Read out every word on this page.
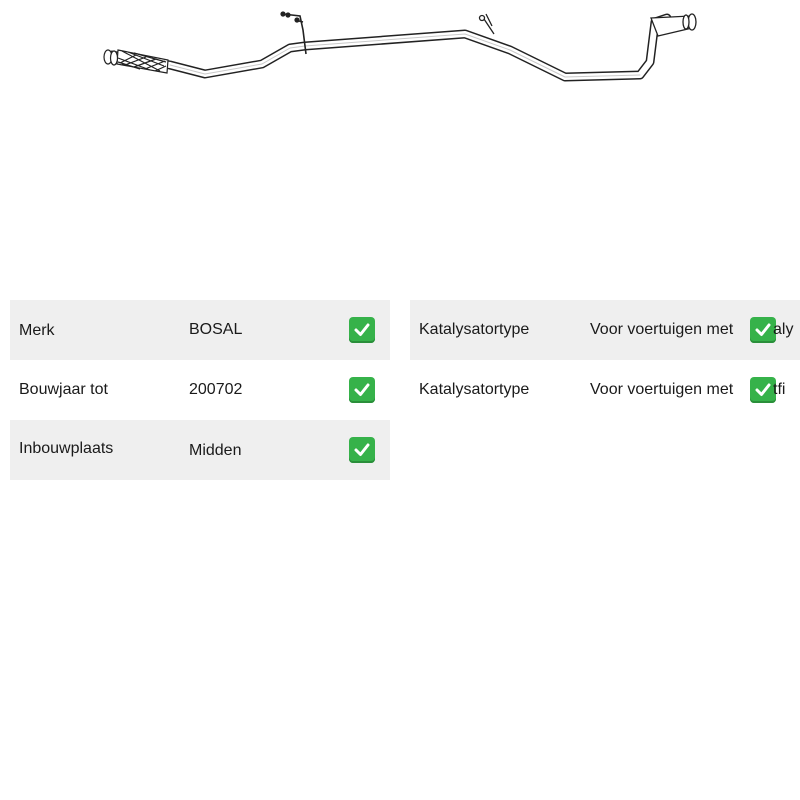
Merk	BOSAL
Bouwjaar tot	200702
Inbouwplaats	Midden
Katalysatortype	Voor voertuigen met aly
Katalysatortype	Voor voertuigen met tfi
